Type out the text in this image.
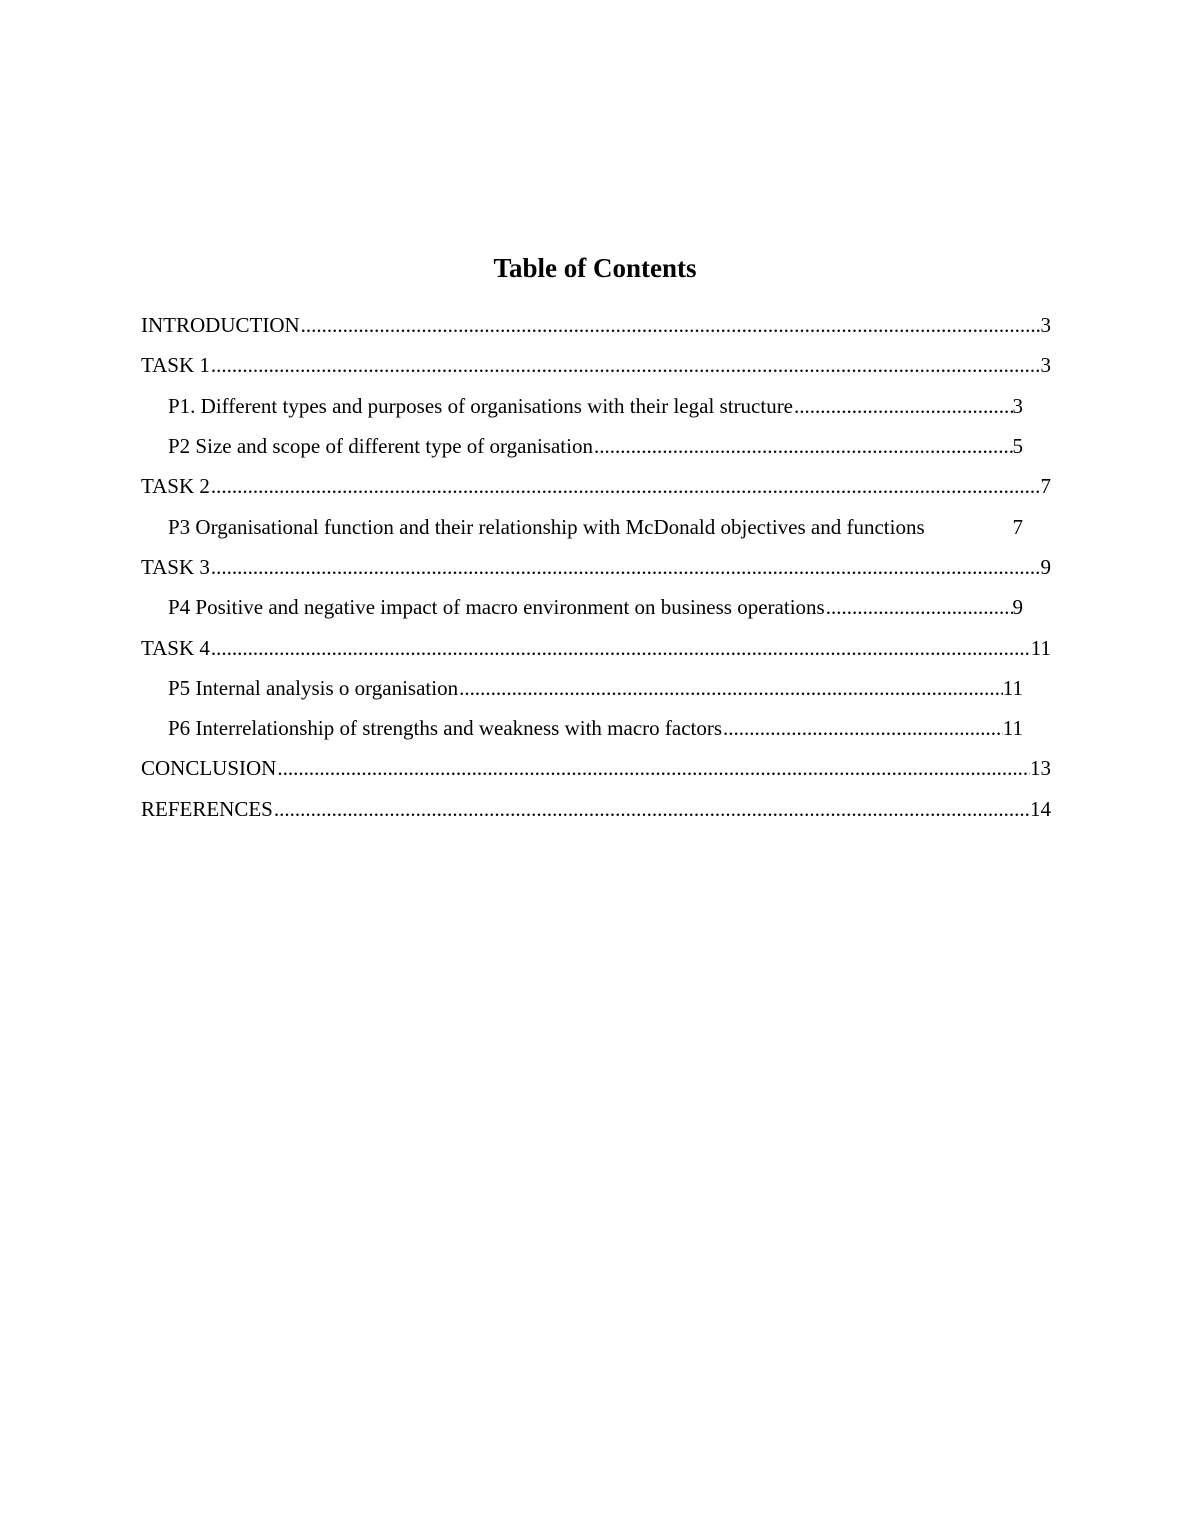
Table of Contents
INTRODUCTION .....	3
TASK 1 .....	3
P1. Different types and purposes of organisations with their legal structure .....	3
P2 Size and scope of different type of organisation .....	5
TASK 2 .....	7
P3 Organisational function and their relationship with McDonald objectives and functions	7
TASK 3 .....	9
P4 Positive and negative impact of macro environment on business operations .....	9
TASK 4 .....	11
P5 Internal analysis o organisation .....	11
P6 Interrelationship of strengths and weakness with macro factors .....	11
CONCLUSION .....	13
REFERENCES .....	14
